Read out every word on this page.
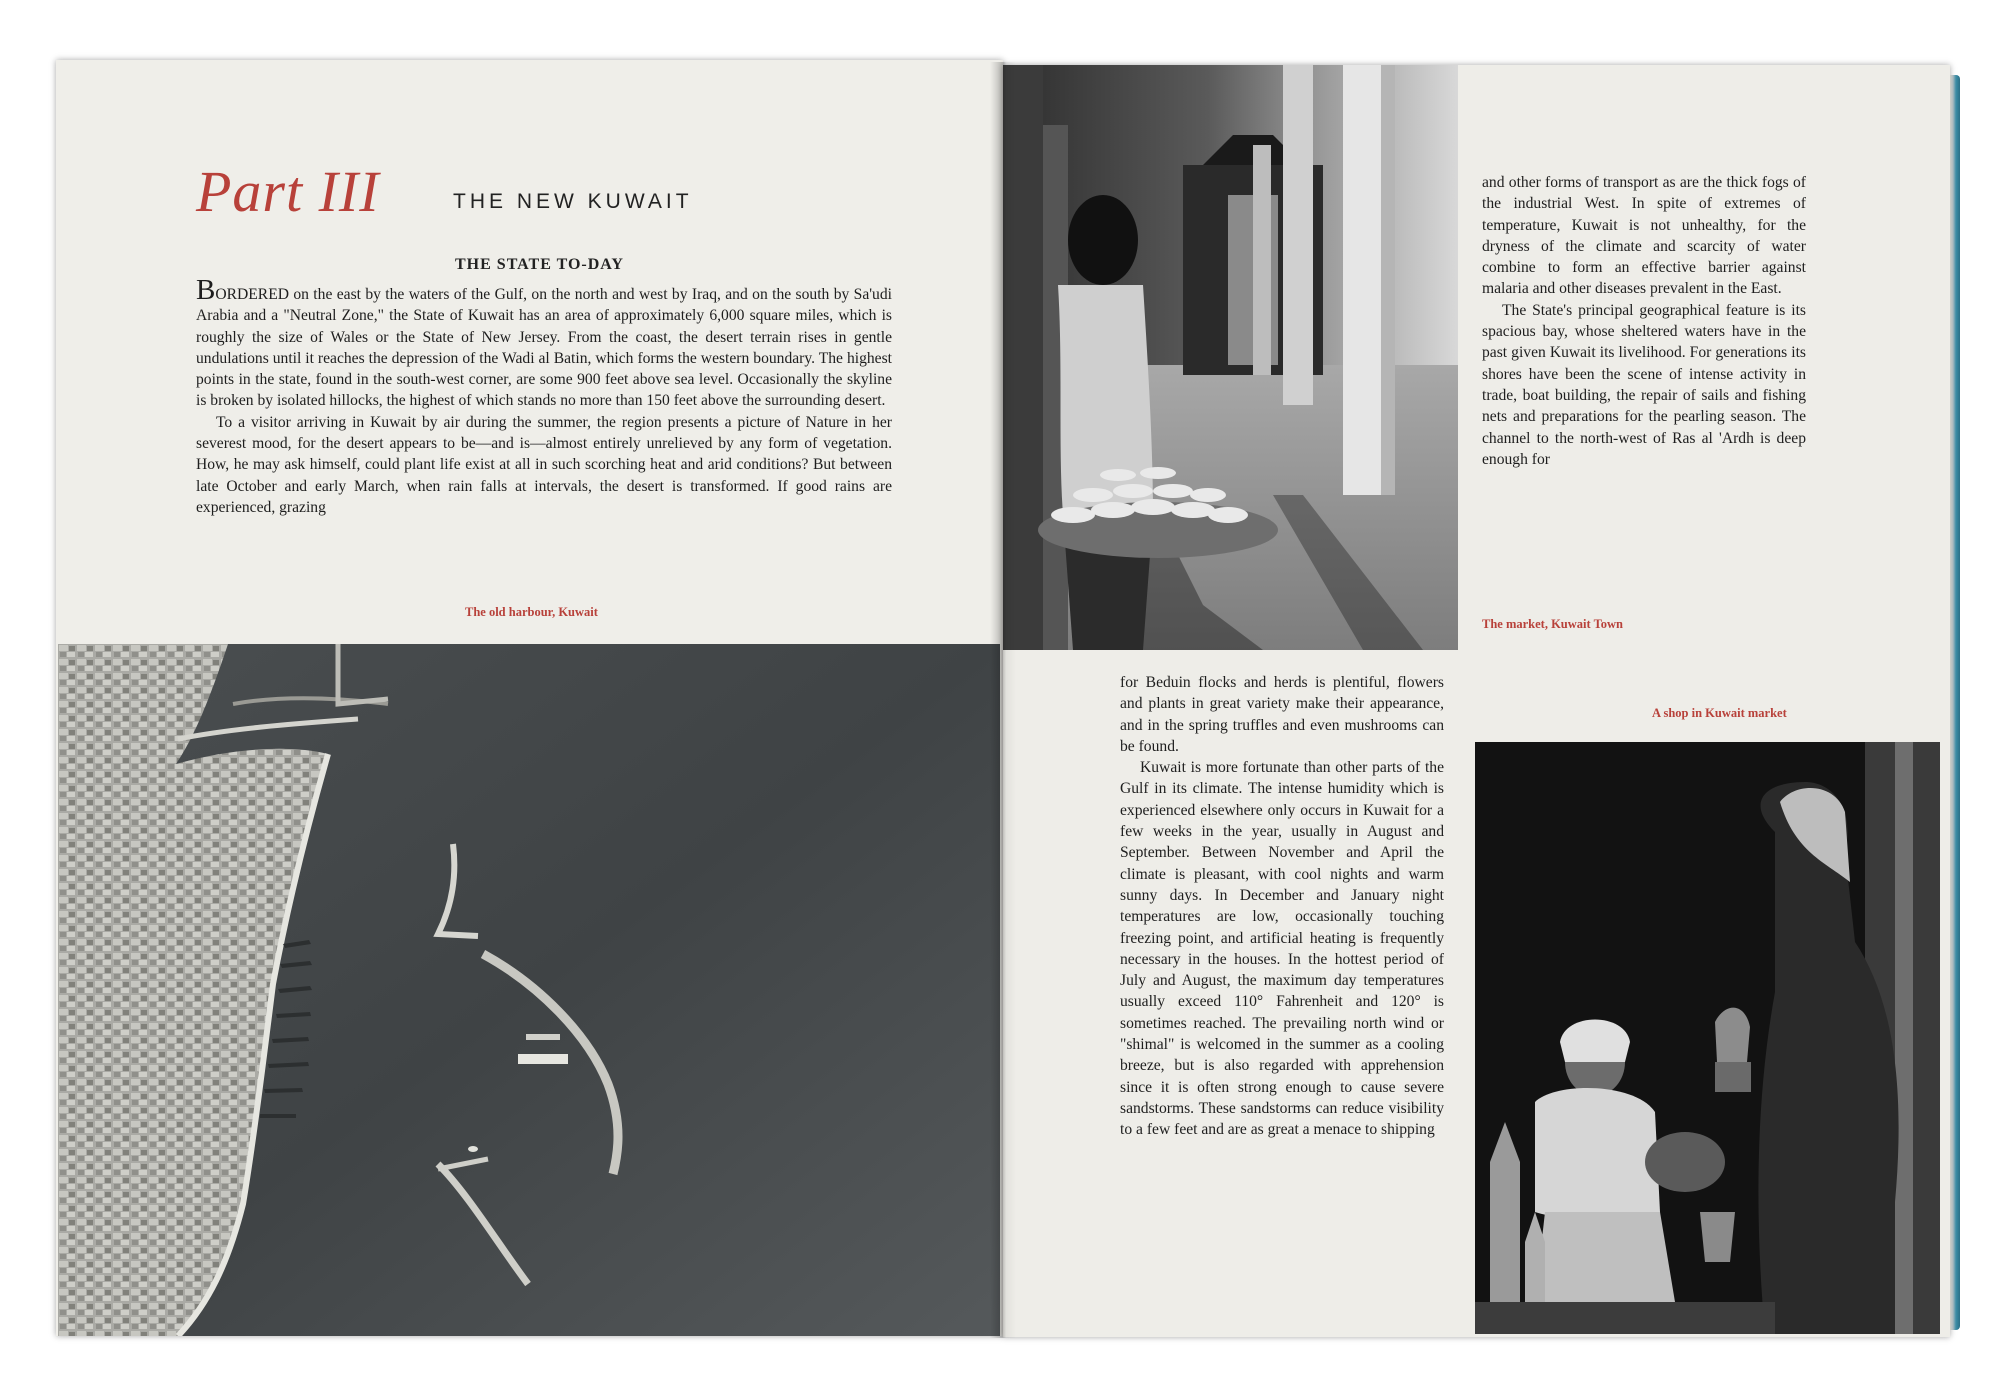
Part III	THE NEW KUWAIT
THE STATE TO-DAY

BORDERED on the east by the waters of the Gulf, on the north and west by Iraq, and on the south by Sa'udi Arabia and a "Neutral Zone," the State of Kuwait has an area of approximately 6,000 square miles, which is roughly the size of Wales or the State of New Jersey. From the coast, the desert terrain rises in gentle undulations until it reaches the depression of the Wadi al Batin, which forms the western boundary. The highest points in the state, found in the south-west corner, are some 900 feet above sea level. Occasionally the skyline is broken by isolated hillocks, the highest of which stands no more than 150 feet above the surrounding desert.

To a visitor arriving in Kuwait by air during the summer, the region presents a picture of Nature in her severest mood, for the desert appears to be—and is—almost entirely unrelieved by any form of vegetation. How, he may ask himself, could plant life exist at all in such scorching heat and arid conditions? But between late October and early March, when rain falls at intervals, the desert is transformed. If good rains are experienced, grazing

The old harbour, Kuwait

and other forms of transport as are the thick fogs of the industrial West. In spite of extremes of temperature, Kuwait is not unhealthy, for the dryness of the climate and scarcity of water combine to form an effective barrier against malaria and other diseases prevalent in the East.

The State's principal geographical feature is its spacious bay, whose sheltered waters have in the past given Kuwait its livelihood. For generations its shores have been the scene of intense activity in trade, boat building, the repair of sails and fishing nets and preparations for the pearling season. The channel to the north-west of Ras al 'Ardh is deep enough for

The market, Kuwait Town

for Beduin flocks and herds is plentiful, flowers and plants in great variety make their appearance, and in the spring truffles and even mushrooms can be found.

Kuwait is more fortunate than other parts of the Gulf in its climate. The intense humidity which is experienced elsewhere only occurs in Kuwait for a few weeks in the year, usually in August and September. Between November and April the climate is pleasant, with cool nights and warm sunny days. In December and January night temperatures are low, occasionally touching freezing point, and artificial heating is frequently necessary in the houses. In the hottest period of July and August, the maximum day temperatures usually exceed 110° Fahrenheit and 120° is sometimes reached. The prevailing north wind or "shimal" is welcomed in the summer as a cooling breeze, but is also regarded with apprehension since it is often strong enough to cause severe sandstorms. These sandstorms can reduce visibility to a few feet and are as great a menace to shipping

A shop in Kuwait market
